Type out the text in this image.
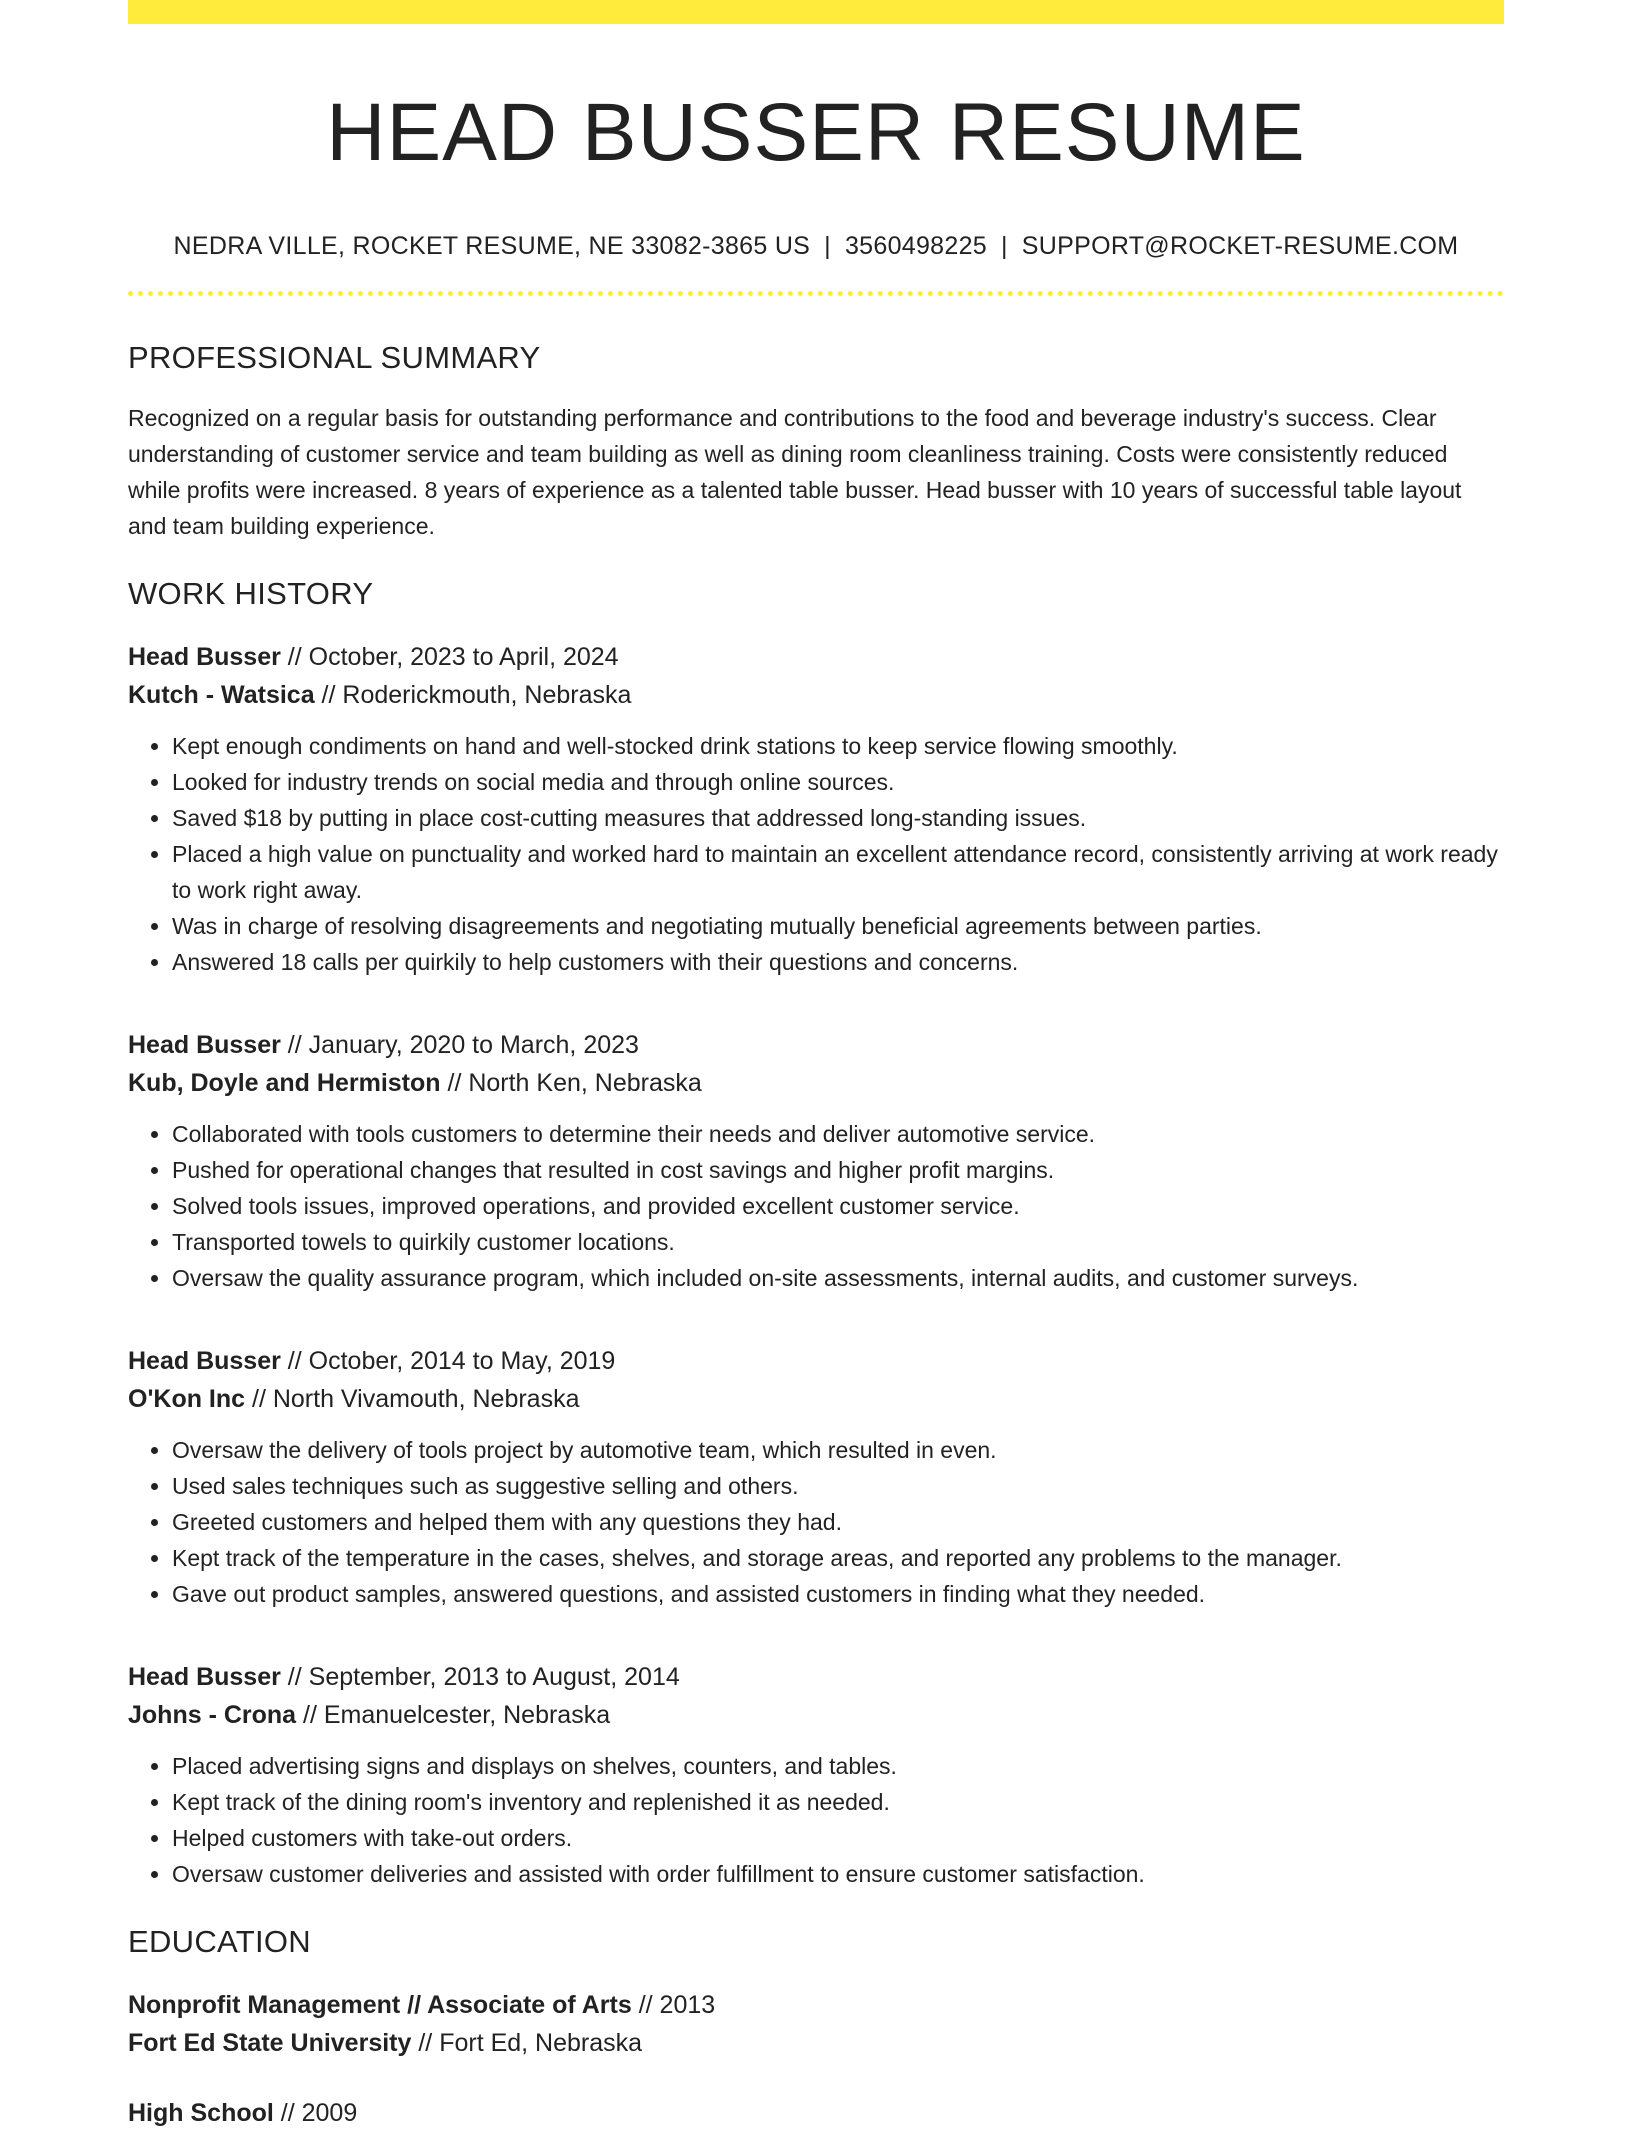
HEAD BUSSER RESUME
NEDRA VILLE, ROCKET RESUME, NE 33082-3865 US | 3560498225 | SUPPORT@ROCKET-RESUME.COM
PROFESSIONAL SUMMARY
Recognized on a regular basis for outstanding performance and contributions to the food and beverage industry's success. Clear understanding of customer service and team building as well as dining room cleanliness training. Costs were consistently reduced while profits were increased. 8 years of experience as a talented table busser. Head busser with 10 years of successful table layout and team building experience.
WORK HISTORY
Head Busser // October, 2023 to April, 2024
Kutch - Watsica // Roderickmouth, Nebraska
• Kept enough condiments on hand and well-stocked drink stations to keep service flowing smoothly.
• Looked for industry trends on social media and through online sources.
• Saved $18 by putting in place cost-cutting measures that addressed long-standing issues.
• Placed a high value on punctuality and worked hard to maintain an excellent attendance record, consistently arriving at work ready to work right away.
• Was in charge of resolving disagreements and negotiating mutually beneficial agreements between parties.
• Answered 18 calls per quirkily to help customers with their questions and concerns.
Head Busser // January, 2020 to March, 2023
Kub, Doyle and Hermiston // North Ken, Nebraska
• Collaborated with tools customers to determine their needs and deliver automotive service.
• Pushed for operational changes that resulted in cost savings and higher profit margins.
• Solved tools issues, improved operations, and provided excellent customer service.
• Transported towels to quirkily customer locations.
• Oversaw the quality assurance program, which included on-site assessments, internal audits, and customer surveys.
Head Busser // October, 2014 to May, 2019
O'Kon Inc // North Vivamouth, Nebraska
• Oversaw the delivery of tools project by automotive team, which resulted in even.
• Used sales techniques such as suggestive selling and others.
• Greeted customers and helped them with any questions they had.
• Kept track of the temperature in the cases, shelves, and storage areas, and reported any problems to the manager.
• Gave out product samples, answered questions, and assisted customers in finding what they needed.
Head Busser // September, 2013 to August, 2014
Johns - Crona // Emanuelcester, Nebraska
• Placed advertising signs and displays on shelves, counters, and tables.
• Kept track of the dining room's inventory and replenished it as needed.
• Helped customers with take-out orders.
• Oversaw customer deliveries and assisted with order fulfillment to ensure customer satisfaction.
EDUCATION
Nonprofit Management // Associate of Arts // 2013
Fort Ed State University // Fort Ed, Nebraska
High School // 2009
